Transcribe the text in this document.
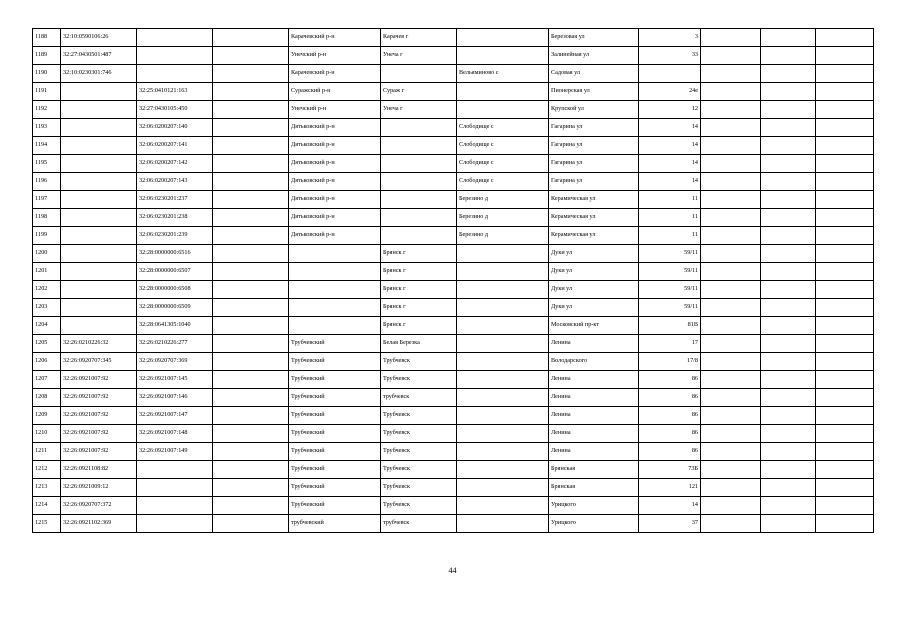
1188	32:10:0590106:26			Карачевский р-н	Карачев г		Березовая ул	3			
1189	32:27:0430501:487			Унечский р-н	Унеча г		Залинейная ул	33			
1190	32:10:0230301:746			Карачевский р-н		Вельяминово с	Садовая ул				
1191		32:25:0410121:163		Суражский р-н	Сураж г		Пионерская ул	24е			
1192		32:27:0430105:450		Унечский р-н	Унеча г		Крупской ул	12			
1193		32:06:0200207:140		Дятьковский р-н		Слободище с	Гагарина ул	14			
1194		32:06:0200207:141		Дятьковский р-н		Слободище с	Гагарина ул	14			
1195		32:06:0200207:142		Дятьковский р-н		Слободище с	Гагарина ул	14			
1196		32:06:0200207:143		Дятьковский р-н		Слободище с	Гагарина ул	14			
1197		32:06:0230201:237		Дятьковский р-н		Березино д	Керамическая ул	11			
1198		32:06:0230201:238		Дятьковский р-н		Березино д	Керамическая ул	11			
1199		32:06:0230201:239		Дятьковский р-н		Березино д	Керамическая ул	11			
1200		32:28:0000000:6516			Брянск г		Дуки ул	59/11			
1201		32:28:0000000:6507			Брянск г		Дуки ул	59/11			
1202		32:28:0000000:6508			Брянск г		Дуки ул	59/11			
1203		32:28:0000000:6509			Брянск г		Дуки ул	59/11			
1204		32:28:0641305:1040			Брянск г		Московский пр-кт	81В			
1205	32:26:0210226:32	32:26:0210226:277		Трубчевский	Белая Березка		Ленина	17			
1206	32:26:0920707:345	32:26:0920707:369		Трубчевский	Трубчевск		Володарского	17/8			
1207	32:26:0921007:92	32:26:0921007:145		Трубчевский	Трубчевск		Ленина	86			
1208	32:26:0921007:92	32:26:0921007:146		Трубчевский	трубчевск		Ленина	86			
1209	32:26:0921007:92	32:26:0921007:147		Трубчевский	Трубчевск		Ленина	86			
1210	32:26:0921007:92	32:26:0921007:148		Трубчевский	Трубчевск		Ленина	86			
1211	32:26:0921007:92	32:26:0921007:149		Трубчевский	Трубчевск		Ленина	86			
1212	32:26:0921108:82			Трубчевский	Трубчевск		Брянская	73Б			
1213	32:26:0921009:12			Трубчевский	Трубчевск		Брянская	121			
1214	32:26:0920707:372			Трубчевский	Трубчевск		Урицкого	14			
1215	32:26:0921102:369			трубчевский	трубчевск		Урицкого	37			
44
